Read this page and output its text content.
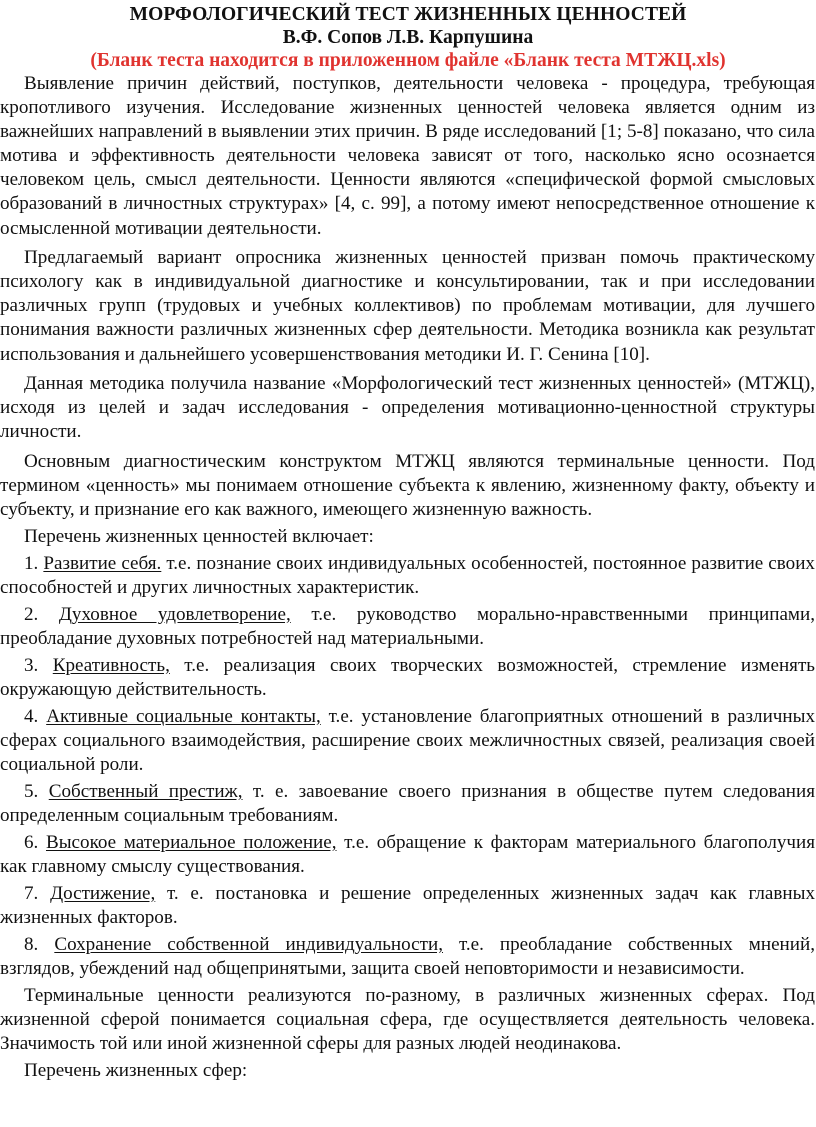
МОРФОЛОГИЧЕСКИЙ ТЕСТ ЖИЗНЕННЫХ ЦЕННОСТЕЙ
В.Ф. Сопов Л.В. Карпушина
(Бланк теста находится в приложенном файле «Бланк теста МТЖЦ.xls)

Выявление причин действий, поступков, деятельности человека - процедура, требующая кропотливого изучения. Исследование жизненных ценностей человека является одним из важнейших направлений в выявлении этих причин. В ряде исследований [1; 5-8] показано, что сила мотива и эффективность деятельности человека зависят от того, насколько ясно осознается человеком цель, смысл деятельности. Ценности являются «специфической формой смысловых образований в личностных структурах» [4, с. 99], а потому имеют непосредственное отношение к осмысленной мотивации деятельности.

Предлагаемый вариант опросника жизненных ценностей призван помочь практическому психологу как в индивидуальной диагностике и консультировании, так и при исследовании различных групп (трудовых и учебных коллективов) по проблемам мотивации, для лучшего понимания важности различных жизненных сфер деятельности. Методика возникла как результат использования и дальнейшего усовершенствования методики И. Г. Сенина [10].

Данная методика получила название «Морфологический тест жизненных ценностей» (МТЖЦ), исходя из целей и задач исследования - определения мотивационно-ценностной структуры личности.

Основным диагностическим конструктом МТЖЦ являются терминальные ценности. Под термином «ценность» мы понимаем отношение субъекта к явлению, жизненному факту, объекту и субъекту, и признание его как важного, имеющего жизненную важность.

Перечень жизненных ценностей включает:

1. Развитие себя. т.е. познание своих индивидуальных особенностей, постоянное развитие своих способностей и других личностных характеристик.

2. Духовное удовлетворение, т.е. руководство морально-нравственными принципами, преобладание духовных потребностей над материальными.

3. Креативность, т.е. реализация своих творческих возможностей, стремление изменять окружающую действительность.

4. Активные социальные контакты, т.е. установление благоприятных отношений в различных сферах социального взаимодействия, расширение своих межличностных связей, реализация своей социальной роли.

5. Собственный престиж, т. е. завоевание своего признания в обществе путем следования определенным социальным требованиям.

6. Высокое материальное положение, т.е. обращение к факторам материального благополучия как главному смыслу существования.

7. Достижение, т. е. постановка и решение определенных жизненных задач как главных жизненных факторов.

8. Сохранение собственной индивидуальности, т.е. преобладание собственных мнений, взглядов, убеждений над общепринятыми, защита своей неповторимости и независимости.

Терминальные ценности реализуются по-разному, в различных жизненных сферах. Под жизненной сферой понимается социальная сфера, где осуществляется деятельность человека. Значимость той или иной жизненной сферы для разных людей неодинакова.

Перечень жизненных сфер:
